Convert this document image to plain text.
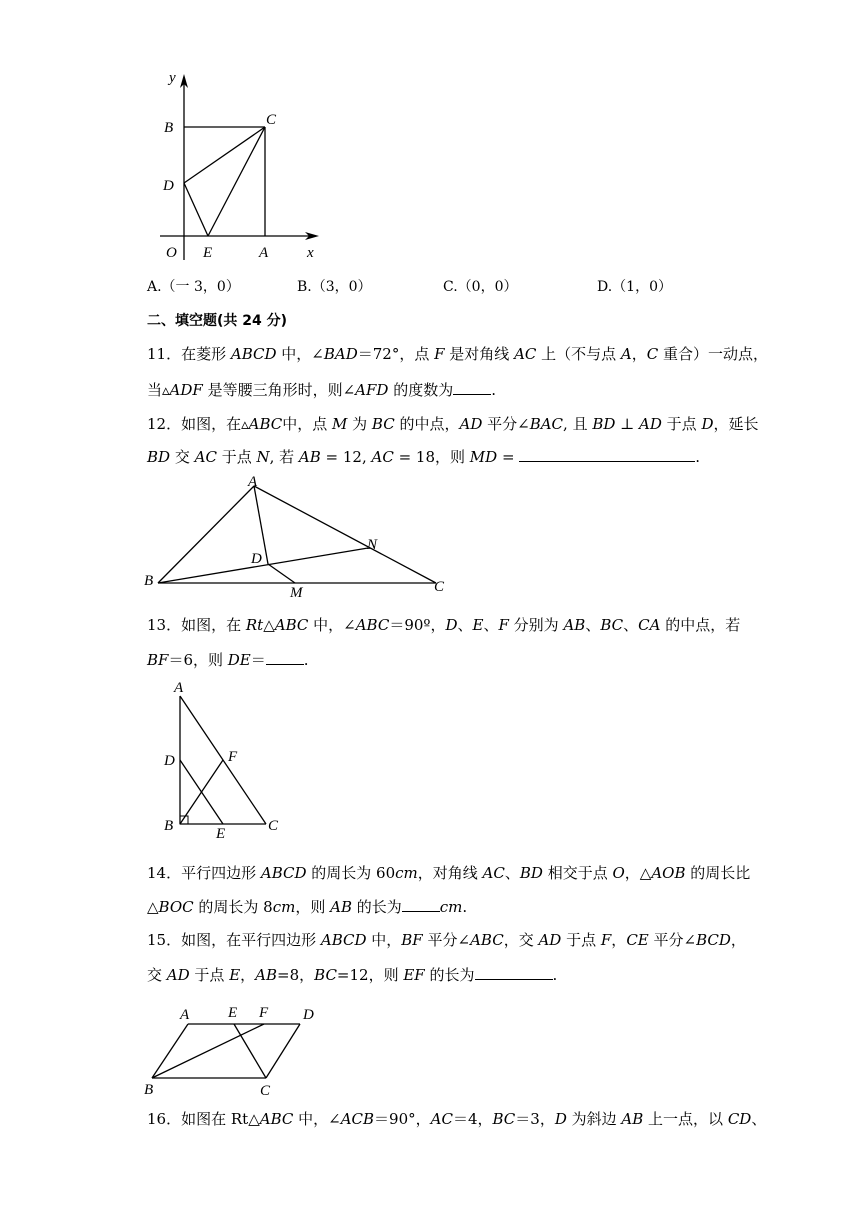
y
B	C
D
O E	A	x
A.（一 3，0）	B.（3，0）	C.（0，0）	D.（1，0）
二、填空题(共 24 分)
11．在菱形 ABCD 中，∠BAD＝72°，点 F 是对角线 AC 上（不与点 A，C 重合）一动点，
当▵ADF 是等腰三角形时，则∠AFD 的度数为	.
12．如图，在▵ABC中，点 M 为 BC 的中点，AD 平分∠BAC, 且 BD ⊥ AD 于点 D，延长
BD 交 AC 于点 N, 若 AB = 12, AC = 18，则 MD =	.
A
B	C
D
M
N
13．如图，在 Rt△ABC 中，∠ABC＝90º，D、E、F 分别为 AB、BC、CA 的中点，若
BF＝6，则 DE＝	.
A
D	F
B	E	C
14．平行四边形 ABCD 的周长为 60cm，对角线 AC、BD 相交于点 O，△AOB 的周长比
△BOC 的周长为 8cm，则 AB 的长为	cm.
15．如图，在平行四边形 ABCD 中，BF 平分∠ABC，交 AD 于点 F，CE 平分∠BCD，
交 AD 于点 E，AB=8，BC=12，则 EF 的长为	.
A	E F D
B	C
16．如图在 Rt△ABC 中，∠ACB＝90°，AC＝4，BC＝3，D 为斜边 AB 上一点，以 CD、
